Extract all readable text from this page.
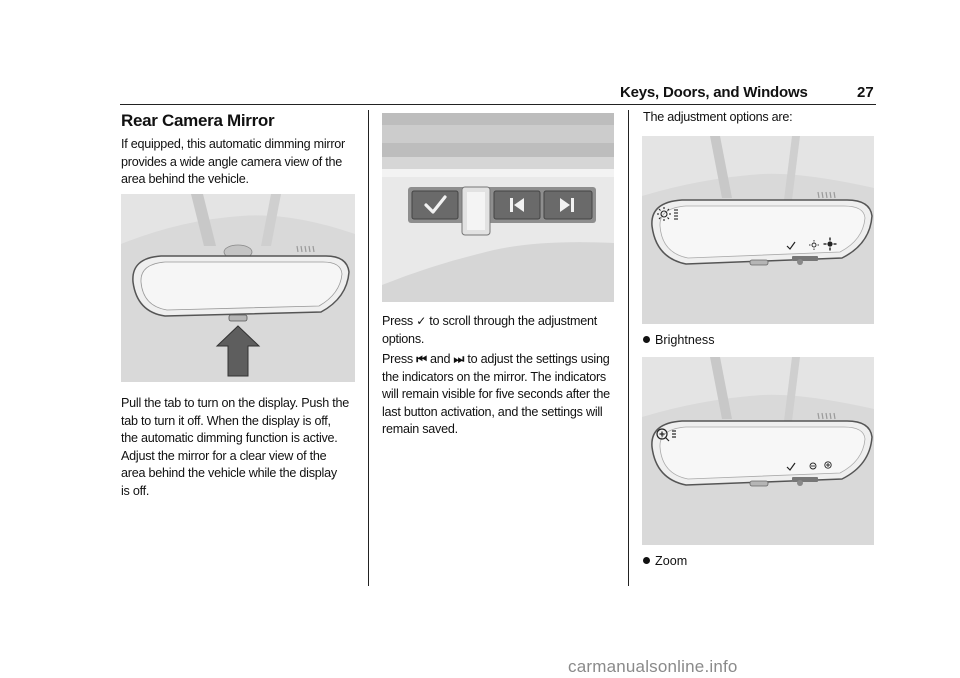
Keys, Doors, and Windows	27
Rear Camera Mirror
If equipped, this automatic dimming mirror
provides a wide angle camera view of the
area behind the vehicle.
Pull the tab to turn on the display. Push the
tab to turn it off. When the display is off,
the automatic dimming function is active.
Adjust the mirror for a clear view of the
area behind the vehicle while the display
is off.
Press ✓ to scroll through the adjustment
options.
Press ⏮ and ⏭ to adjust the settings using
the indicators on the mirror. The indicators
will remain visible for five seconds after the
last button activation, and the settings will
remain saved.
The adjustment options are:
Brightness
Zoom
carmanualsonline.info
